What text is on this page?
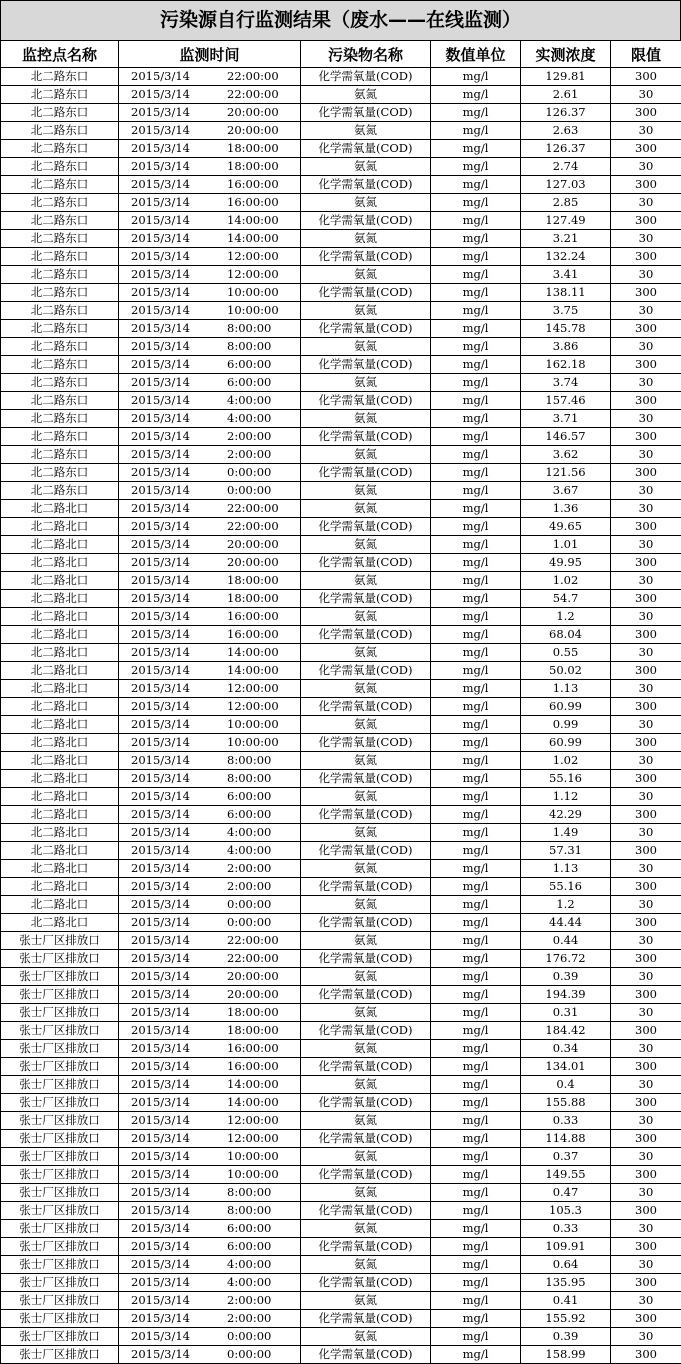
污染源自行监测结果（废水——在线监测）
监控点名称	监测时间	污染物名称	数值单位	实测浓度	限值
北二路东口	2015/3/14 22:00:00	化学需氧量(COD)	mg/l	129.81	300
北二路东口	2015/3/14 22:00:00	氨氮	mg/l	2.61	30
北二路东口	2015/3/14 20:00:00	化学需氧量(COD)	mg/l	126.37	300
北二路东口	2015/3/14 20:00:00	氨氮	mg/l	2.63	30
北二路东口	2015/3/14 18:00:00	化学需氧量(COD)	mg/l	126.37	300
北二路东口	2015/3/14 18:00:00	氨氮	mg/l	2.74	30
北二路东口	2015/3/14 16:00:00	化学需氧量(COD)	mg/l	127.03	300
北二路东口	2015/3/14 16:00:00	氨氮	mg/l	2.85	30
北二路东口	2015/3/14 14:00:00	化学需氧量(COD)	mg/l	127.49	300
北二路东口	2015/3/14 14:00:00	氨氮	mg/l	3.21	30
北二路东口	2015/3/14 12:00:00	化学需氧量(COD)	mg/l	132.24	300
北二路东口	2015/3/14 12:00:00	氨氮	mg/l	3.41	30
北二路东口	2015/3/14 10:00:00	化学需氧量(COD)	mg/l	138.11	300
北二路东口	2015/3/14 10:00:00	氨氮	mg/l	3.75	30
北二路东口	2015/3/14 8:00:00	化学需氧量(COD)	mg/l	145.78	300
北二路东口	2015/3/14 8:00:00	氨氮	mg/l	3.86	30
北二路东口	2015/3/14 6:00:00	化学需氧量(COD)	mg/l	162.18	300
北二路东口	2015/3/14 6:00:00	氨氮	mg/l	3.74	30
北二路东口	2015/3/14 4:00:00	化学需氧量(COD)	mg/l	157.46	300
北二路东口	2015/3/14 4:00:00	氨氮	mg/l	3.71	30
北二路东口	2015/3/14 2:00:00	化学需氧量(COD)	mg/l	146.57	300
北二路东口	2015/3/14 2:00:00	氨氮	mg/l	3.62	30
北二路东口	2015/3/14 0:00:00	化学需氧量(COD)	mg/l	121.56	300
北二路东口	2015/3/14 0:00:00	氨氮	mg/l	3.67	30
北二路北口	2015/3/14 22:00:00	氨氮	mg/l	1.36	30
北二路北口	2015/3/14 22:00:00	化学需氧量(COD)	mg/l	49.65	300
北二路北口	2015/3/14 20:00:00	氨氮	mg/l	1.01	30
北二路北口	2015/3/14 20:00:00	化学需氧量(COD)	mg/l	49.95	300
北二路北口	2015/3/14 18:00:00	氨氮	mg/l	1.02	30
北二路北口	2015/3/14 18:00:00	化学需氧量(COD)	mg/l	54.7	300
北二路北口	2015/3/14 16:00:00	氨氮	mg/l	1.2	30
北二路北口	2015/3/14 16:00:00	化学需氧量(COD)	mg/l	68.04	300
北二路北口	2015/3/14 14:00:00	氨氮	mg/l	0.55	30
北二路北口	2015/3/14 14:00:00	化学需氧量(COD)	mg/l	50.02	300
北二路北口	2015/3/14 12:00:00	氨氮	mg/l	1.13	30
北二路北口	2015/3/14 12:00:00	化学需氧量(COD)	mg/l	60.99	300
北二路北口	2015/3/14 10:00:00	氨氮	mg/l	0.99	30
北二路北口	2015/3/14 10:00:00	化学需氧量(COD)	mg/l	60.99	300
北二路北口	2015/3/14 8:00:00	氨氮	mg/l	1.02	30
北二路北口	2015/3/14 8:00:00	化学需氧量(COD)	mg/l	55.16	300
北二路北口	2015/3/14 6:00:00	氨氮	mg/l	1.12	30
北二路北口	2015/3/14 6:00:00	化学需氧量(COD)	mg/l	42.29	300
北二路北口	2015/3/14 4:00:00	氨氮	mg/l	1.49	30
北二路北口	2015/3/14 4:00:00	化学需氧量(COD)	mg/l	57.31	300
北二路北口	2015/3/14 2:00:00	氨氮	mg/l	1.13	30
北二路北口	2015/3/14 2:00:00	化学需氧量(COD)	mg/l	55.16	300
北二路北口	2015/3/14 0:00:00	氨氮	mg/l	1.2	30
北二路北口	2015/3/14 0:00:00	化学需氧量(COD)	mg/l	44.44	300
张士厂区排放口	2015/3/14 22:00:00	氨氮	mg/l	0.44	30
张士厂区排放口	2015/3/14 22:00:00	化学需氧量(COD)	mg/l	176.72	300
张士厂区排放口	2015/3/14 20:00:00	氨氮	mg/l	0.39	30
张士厂区排放口	2015/3/14 20:00:00	化学需氧量(COD)	mg/l	194.39	300
张士厂区排放口	2015/3/14 18:00:00	氨氮	mg/l	0.31	30
张士厂区排放口	2015/3/14 18:00:00	化学需氧量(COD)	mg/l	184.42	300
张士厂区排放口	2015/3/14 16:00:00	氨氮	mg/l	0.34	30
张士厂区排放口	2015/3/14 16:00:00	化学需氧量(COD)	mg/l	134.01	300
张士厂区排放口	2015/3/14 14:00:00	氨氮	mg/l	0.4	30
张士厂区排放口	2015/3/14 14:00:00	化学需氧量(COD)	mg/l	155.88	300
张士厂区排放口	2015/3/14 12:00:00	氨氮	mg/l	0.33	30
张士厂区排放口	2015/3/14 12:00:00	化学需氧量(COD)	mg/l	114.88	300
张士厂区排放口	2015/3/14 10:00:00	氨氮	mg/l	0.37	30
张士厂区排放口	2015/3/14 10:00:00	化学需氧量(COD)	mg/l	149.55	300
张士厂区排放口	2015/3/14 8:00:00	氨氮	mg/l	0.47	30
张士厂区排放口	2015/3/14 8:00:00	化学需氧量(COD)	mg/l	105.3	300
张士厂区排放口	2015/3/14 6:00:00	氨氮	mg/l	0.33	30
张士厂区排放口	2015/3/14 6:00:00	化学需氧量(COD)	mg/l	109.91	300
张士厂区排放口	2015/3/14 4:00:00	氨氮	mg/l	0.64	30
张士厂区排放口	2015/3/14 4:00:00	化学需氧量(COD)	mg/l	135.95	300
张士厂区排放口	2015/3/14 2:00:00	氨氮	mg/l	0.41	30
张士厂区排放口	2015/3/14 2:00:00	化学需氧量(COD)	mg/l	155.92	300
张士厂区排放口	2015/3/14 0:00:00	氨氮	mg/l	0.39	30
张士厂区排放口	2015/3/14 0:00:00	化学需氧量(COD)	mg/l	158.99	300
